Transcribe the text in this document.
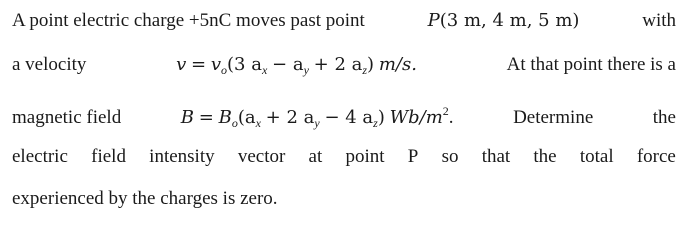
A point electric charge +5nC moves past point	P(3 m, 4 m, 5 m)	with
a velocity	$v = v_o(3$ $a_x - a_y + 2$ $a_z$) m/s.	At that point there is a
magnetic field	$B = B_o(a_x + 2$ $a_y - 4$ $a_z$) $Wb/m^2$.	Determine	the
electric field intensity vector at point P so that the total force
experienced by the charges is zero.
